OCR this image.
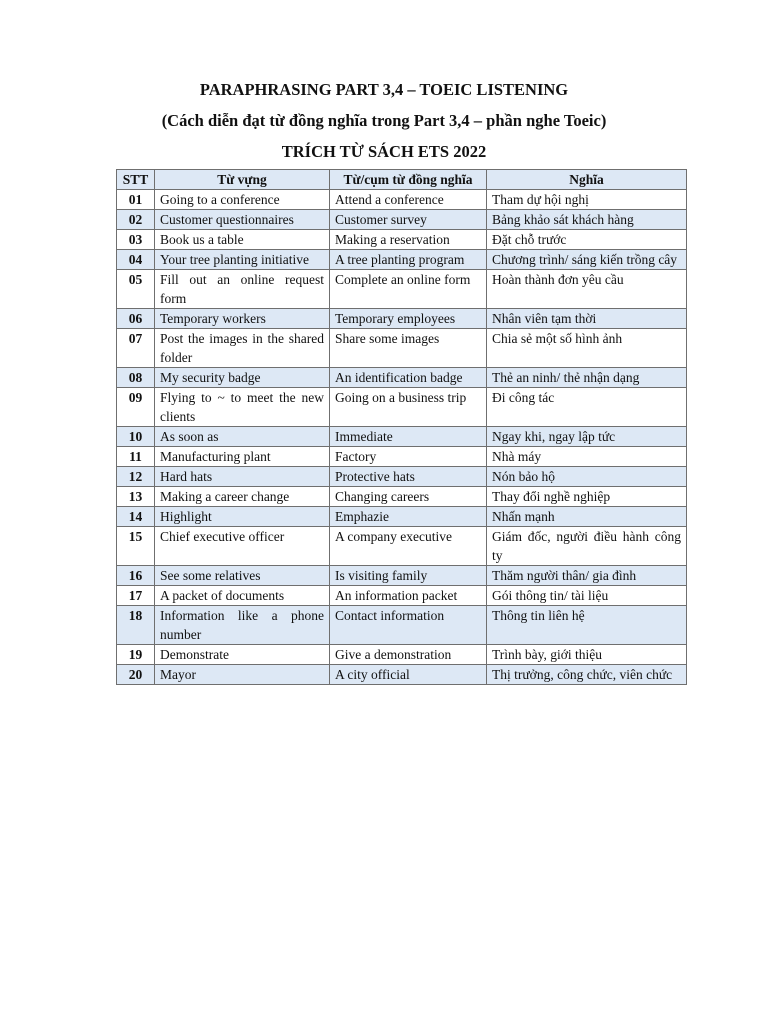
PARAPHRASING PART 3,4 – TOEIC LISTENING
(Cách diễn đạt từ đồng nghĩa trong Part 3,4 – phần nghe Toeic)
TRÍCH TỪ SÁCH ETS 2022
STT	Từ vựng	Từ/cụm từ đồng nghĩa	Nghĩa
01	Going to a conference	Attend a conference	Tham dự hội nghị
02	Customer questionnaires	Customer survey	Bảng khảo sát khách hàng
03	Book us a table	Making a reservation	Đặt chỗ trước
04	Your tree planting initiative	A tree planting program	Chương trình/ sáng kiến trồng cây
05	Fill out an online request form	Complete an online form	Hoàn thành đơn yêu cầu
06	Temporary workers	Temporary employees	Nhân viên tạm thời
07	Post the images in the shared folder	Share some images	Chia sẻ một số hình ảnh
08	My security badge	An identification badge	Thẻ an ninh/ thẻ nhận dạng
09	Flying to ~ to meet the new clients	Going on a business trip	Đi công tác
10	As soon as	Immediate	Ngay khi, ngay lập tức
11	Manufacturing plant	Factory	Nhà máy
12	Hard hats	Protective hats	Nón bảo hộ
13	Making a career change	Changing careers	Thay đổi nghề nghiệp
14	Highlight	Emphazie	Nhấn mạnh
15	Chief executive officer	A company executive	Giám đốc, người điều hành công ty
16	See some relatives	Is visiting family	Thăm người thân/ gia đình
17	A packet of documents	An information packet	Gói thông tin/ tài liệu
18	Information like a phone number	Contact information	Thông tin liên hệ
19	Demonstrate	Give a demonstration	Trình bày, giới thiệu
20	Mayor	A city official	Thị trưởng, công chức, viên chức
